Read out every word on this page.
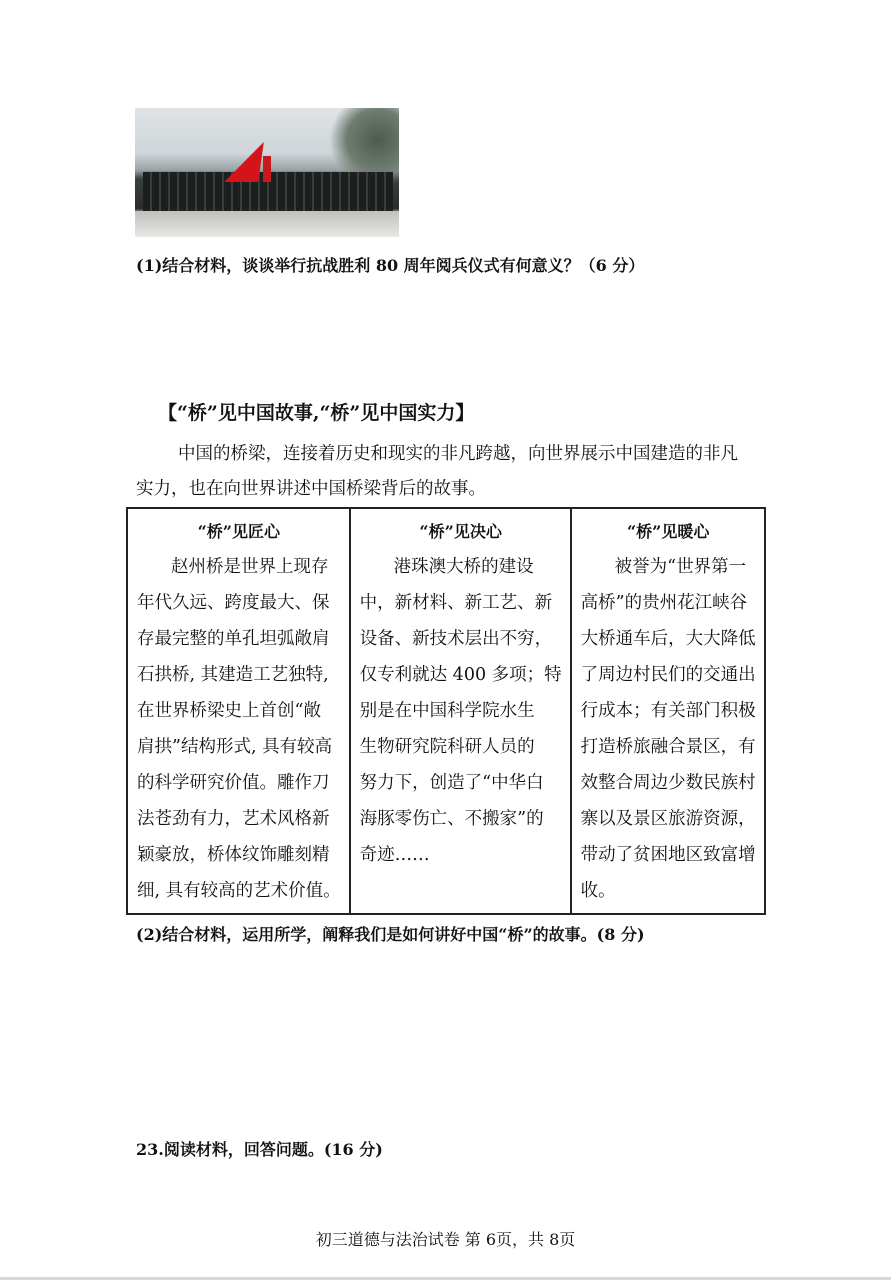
(1)结合材料，谈谈举行抗战胜利 80 周年阅兵仪式有何意义？（6 分）
【“桥”见中国故事,“桥”见中国实力】
中国的桥梁，连接着历史和现实的非凡跨越，向世界展示中国建造的非凡
实力，也在向世界讲述中国桥梁背后的故事。
“桥”见匠心
赵州桥是世界上现存
年代久远、跨度最大、保
存最完整的单孔坦弧敞肩
石拱桥, 其建造工艺独特,
在世界桥梁史上首创“敞
肩拱”结构形式, 具有较高
的科学研究价值。雕作刀
法苍劲有力，艺术风格新
颖豪放，桥体纹饰雕刻精
细, 具有较高的艺术价值。

“桥”见决心
港珠澳大桥的建设
中，新材料、新工艺、新
设备、新技术层出不穷，
仅专利就达 400 多项；特
别是在中国科学院水生
生物研究院科研人员的
努力下，创造了“中华白
海豚零伤亡、不搬家”的
奇迹……

“桥”见暖心
被誉为“世界第一
高桥”的贵州花江峡谷
大桥通车后，大大降低
了周边村民们的交通出
行成本；有关部门积极
打造桥旅融合景区，有
效整合周边少数民族村
寨以及景区旅游资源，
带动了贫困地区致富增
收。
(2)结合材料，运用所学，阐释我们是如何讲好中国“桥”的故事。(8 分)
23.阅读材料，回答问题。(16 分)
初三道德与法治试卷 第 6页，共 8页
